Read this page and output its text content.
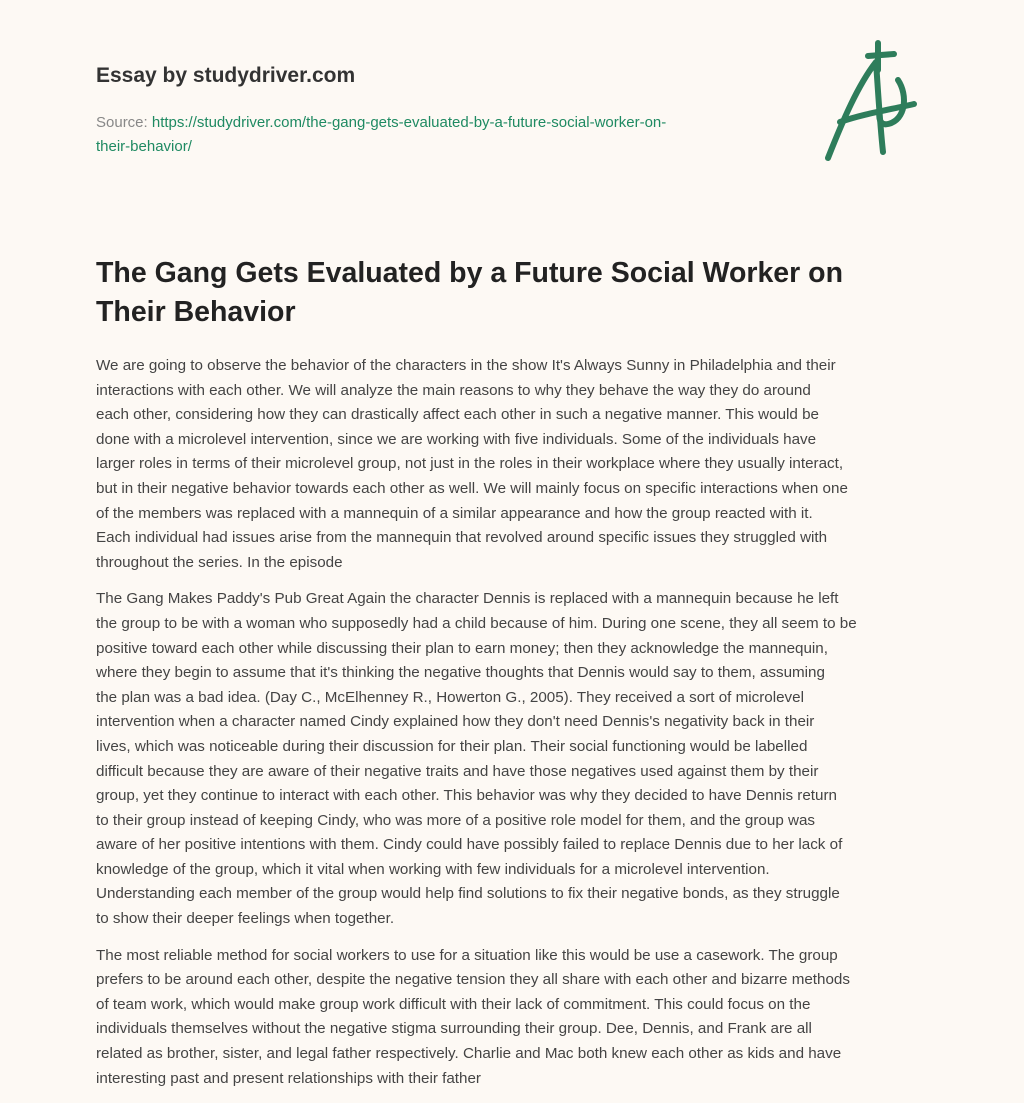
Essay by studydriver.com
Source: https://studydriver.com/the-gang-gets-evaluated-by-a-future-social-worker-on-
their-behavior/
The Gang Gets Evaluated by a Future Social Worker on
Their Behavior

We are going to observe the behavior of the characters in the show It's Always Sunny in Philadelphia and their
interactions with each other. We will analyze the main reasons to why they behave the way they do around
each other, considering how they can drastically affect each other in such a negative manner. This would be
done with a microlevel intervention, since we are working with five individuals. Some of the individuals have
larger roles in terms of their microlevel group, not just in the roles in their workplace where they usually interact,
but in their negative behavior towards each other as well. We will mainly focus on specific interactions when one
of the members was replaced with a mannequin of a similar appearance and how the group reacted with it.
Each individual had issues arise from the mannequin that revolved around specific issues they struggled with
throughout the series. In the episode

The Gang Makes Paddy's Pub Great Again the character Dennis is replaced with a mannequin because he left
the group to be with a woman who supposedly had a child because of him. During one scene, they all seem to be
positive toward each other while discussing their plan to earn money; then they acknowledge the mannequin,
where they begin to assume that it's thinking the negative thoughts that Dennis would say to them, assuming
the plan was a bad idea. (Day C., McElhenney R., Howerton G., 2005). They received a sort of microlevel
intervention when a character named Cindy explained how they don't need Dennis's negativity back in their
lives, which was noticeable during their discussion for their plan. Their social functioning would be labelled
difficult because they are aware of their negative traits and have those negatives used against them by their
group, yet they continue to interact with each other. This behavior was why they decided to have Dennis return
to their group instead of keeping Cindy, who was more of a positive role model for them, and the group was
aware of her positive intentions with them. Cindy could have possibly failed to replace Dennis due to her lack of
knowledge of the group, which it vital when working with few individuals for a microlevel intervention.
Understanding each member of the group would help find solutions to fix their negative bonds, as they struggle
to show their deeper feelings when together.

The most reliable method for social workers to use for a situation like this would be use a casework. The group
prefers to be around each other, despite the negative tension they all share with each other and bizarre methods
of team work, which would make group work difficult with their lack of commitment. This could focus on the
individuals themselves without the negative stigma surrounding their group. Dee, Dennis, and Frank are all
related as brother, sister, and legal father respectively. Charlie and Mac both knew each other as kids and have
interesting past and present relationships with their father
